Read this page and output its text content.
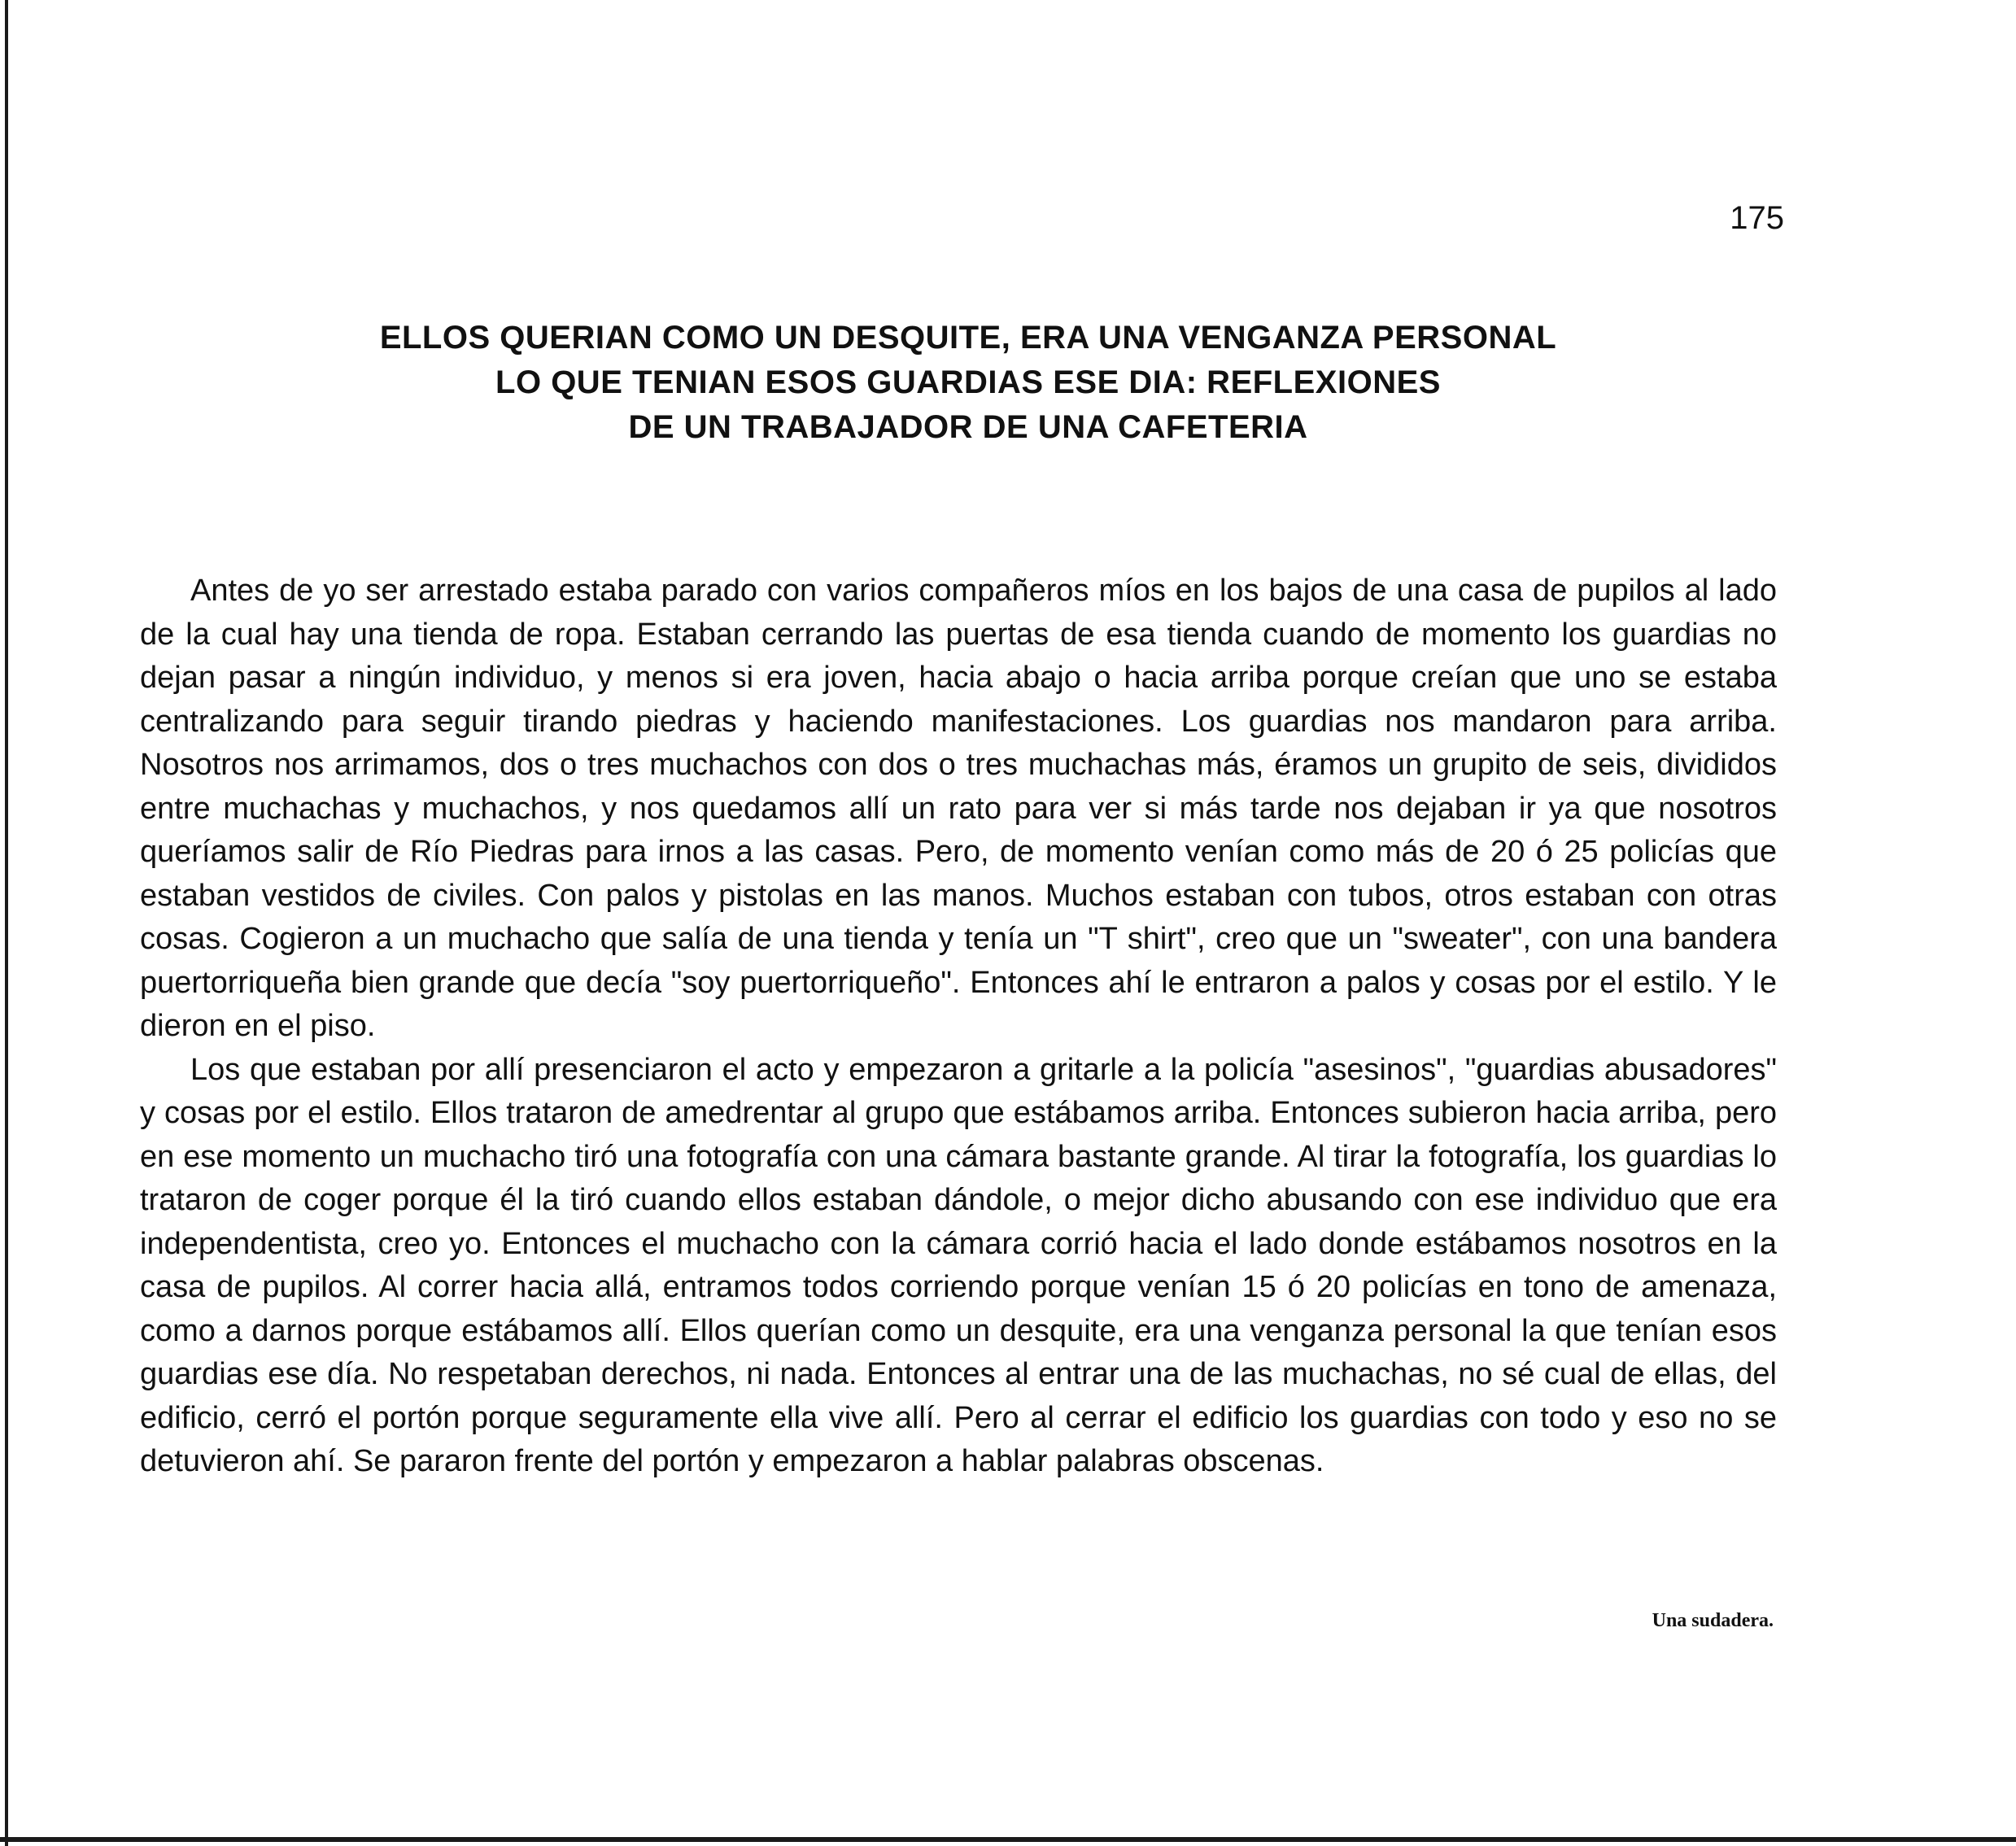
175
ELLOS QUERIAN COMO UN DESQUITE, ERA UNA VENGANZA PERSONAL
LO QUE TENIAN ESOS GUARDIAS ESE DIA: REFLEXIONES
DE UN TRABAJADOR DE UNA CAFETERIA

Antes de yo ser arrestado estaba parado con varios compañeros míos en los bajos de una casa de pupilos al lado de la cual hay una tienda de ropa. Estaban cerrando las puertas de esa tienda cuando de momento los guardias no dejan pasar a ningún individuo, y menos si era joven, hacia abajo o hacia arriba porque creían que uno se estaba centralizando para seguir tirando piedras y haciendo manifestaciones. Los guardias nos mandaron para arriba. Nosotros nos arrimamos, dos o tres muchachos con dos o tres muchachas más, éramos un grupito de seis, divididos entre muchachas y muchachos, y nos quedamos allí un rato para ver si más tarde nos dejaban ir ya que nosotros queríamos salir de Río Piedras para irnos a las casas. Pero, de momento venían como más de 20 ó 25 policías que estaban vestidos de civiles. Con palos y pistolas en las manos. Muchos estaban con tubos, otros estaban con otras cosas. Cogieron a un muchacho que salía de una tienda y tenía un "T shirt", creo que un "sweater", con una bandera puertorriqueña bien grande que decía "soy puertorriqueño". Entonces ahí le entraron a palos y cosas por el estilo. Y le dieron en el piso.

Los que estaban por allí presenciaron el acto y empezaron a gritarle a la policía "asesinos", "guardias abusadores" y cosas por el estilo. Ellos trataron de amedrentar al grupo que estábamos arriba. Entonces subieron hacia arriba, pero en ese momento un muchacho tiró una fotografía con una cámara bastante grande. Al tirar la fotografía, los guardias lo trataron de coger porque él la tiró cuando ellos estaban dándole, o mejor dicho abusando con ese individuo que era independentista, creo yo. Entonces el muchacho con la cámara corrió hacia el lado donde estábamos nosotros en la casa de pupilos. Al correr hacia allá, entramos todos corriendo porque venían 15 ó 20 policías en tono de amenaza, como a darnos porque estábamos allí. Ellos querían como un desquite, era una venganza personal la que tenían esos guardias ese día. No respetaban derechos, ni nada. Entonces al entrar una de las muchachas, no sé cual de ellas, del edificio, cerró el portón porque seguramente ella vive allí. Pero al cerrar el edificio los guardias con todo y eso no se detuvieron ahí. Se pararon frente del portón y empezaron a hablar palabras obscenas.

Una sudadera.
